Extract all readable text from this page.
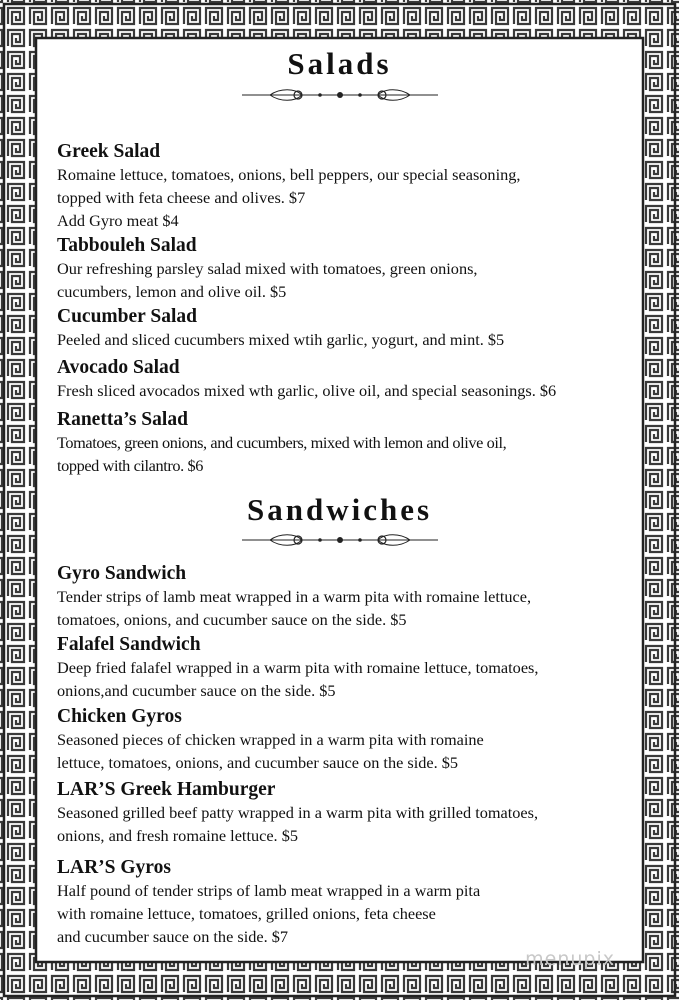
Salads

Greek Salad

Romaine lettuce, tomatoes, onions, bell peppers, our special seasoning,
topped with feta cheese and olives. $7
Add Gyro meat $4

Tabbouleh Salad

Our refreshing parsley salad mixed with tomatoes, green onions,
cucumbers, lemon and olive oil. $5

Cucumber Salad

Peeled and sliced cucumbers mixed wtih garlic, yogurt, and mint. $5

Avocado Salad

Fresh sliced avocados mixed wth garlic, olive oil, and special seasonings. $6

Ranetta’s Salad

Tomatoes, green onions, and cucumbers, mixed with lemon and olive oil,
topped with cilantro. $6

Sandwiches

Gyro Sandwich

Tender strips of lamb meat wrapped in a warm pita with romaine lettuce,
tomatoes, onions, and cucumber sauce on the side. $5

Falafel Sandwich

Deep fried falafel wrapped in a warm pita with romaine lettuce, tomatoes,
onions,and cucumber sauce on the side. $5

Chicken Gyros

Seasoned pieces of chicken wrapped in a warm pita with romaine
lettuce, tomatoes, onions, and cucumber sauce on the side. $5

LAR’S Greek Hamburger

Seasoned grilled beef patty wrapped in a warm pita with grilled tomatoes,
onions, and fresh romaine lettuce. $5

LAR’S Gyros

Half pound of tender strips of lamb meat wrapped in a warm pita
with romaine lettuce, tomatoes, grilled onions, feta cheese
and cucumber sauce on the side. $7

menupix
